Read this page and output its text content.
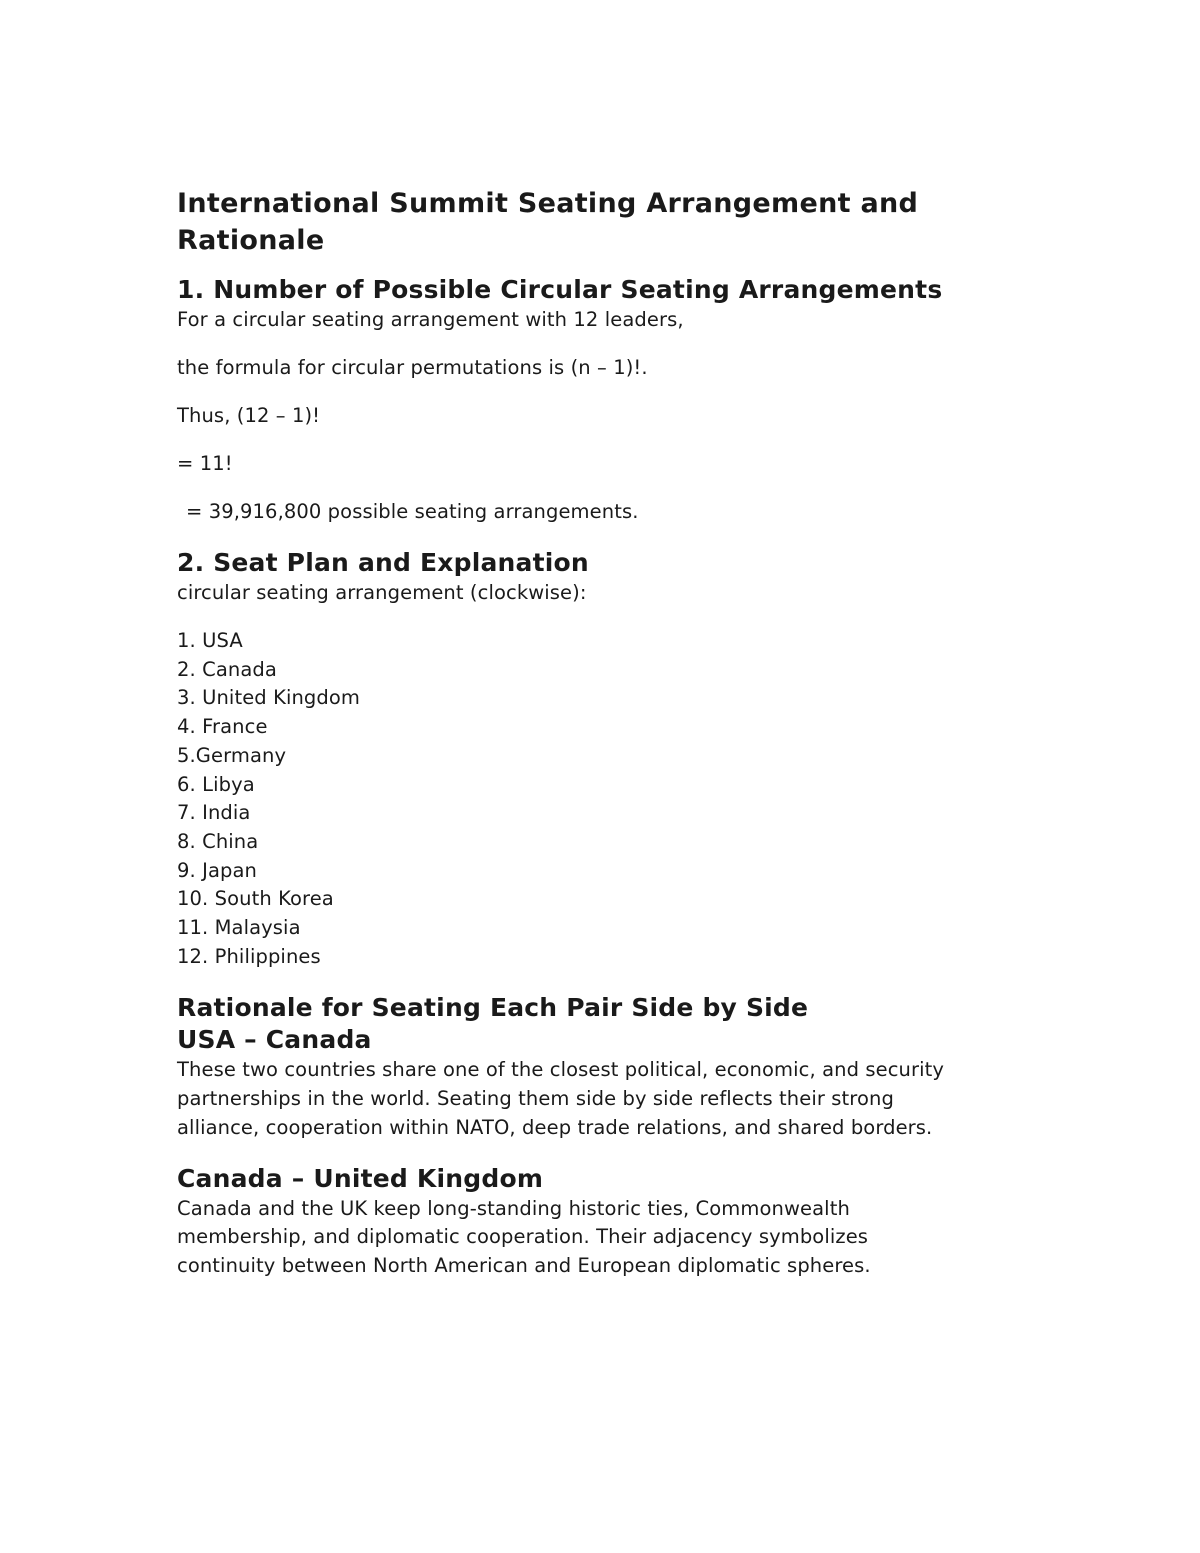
International Summit Seating Arrangement and Rationale
1. Number of Possible Circular Seating Arrangements

For a circular seating arrangement with 12 leaders,

the formula for circular permutations is (n – 1)!.

Thus, (12 – 1)!

= 11!

= 39,916,800 possible seating arrangements.

2. Seat Plan and Explanation

circular seating arrangement (clockwise):

1. USA
2. Canada
3. United Kingdom
4. France
5.Germany
6. Libya
7. India
8. China
9. Japan
10. South Korea
11. Malaysia
12. Philippines
Rationale for Seating Each Pair Side by Side
USA – Canada

These two countries share one of the closest political, economic, and security

partnerships in the world. Seating them side by side reflects their strong

alliance, cooperation within NATO, deep trade relations, and shared borders.

Canada – United Kingdom

Canada and the UK keep long-standing historic ties, Commonwealth

membership, and diplomatic cooperation. Their adjacency symbolizes

continuity between North American and European diplomatic spheres.
